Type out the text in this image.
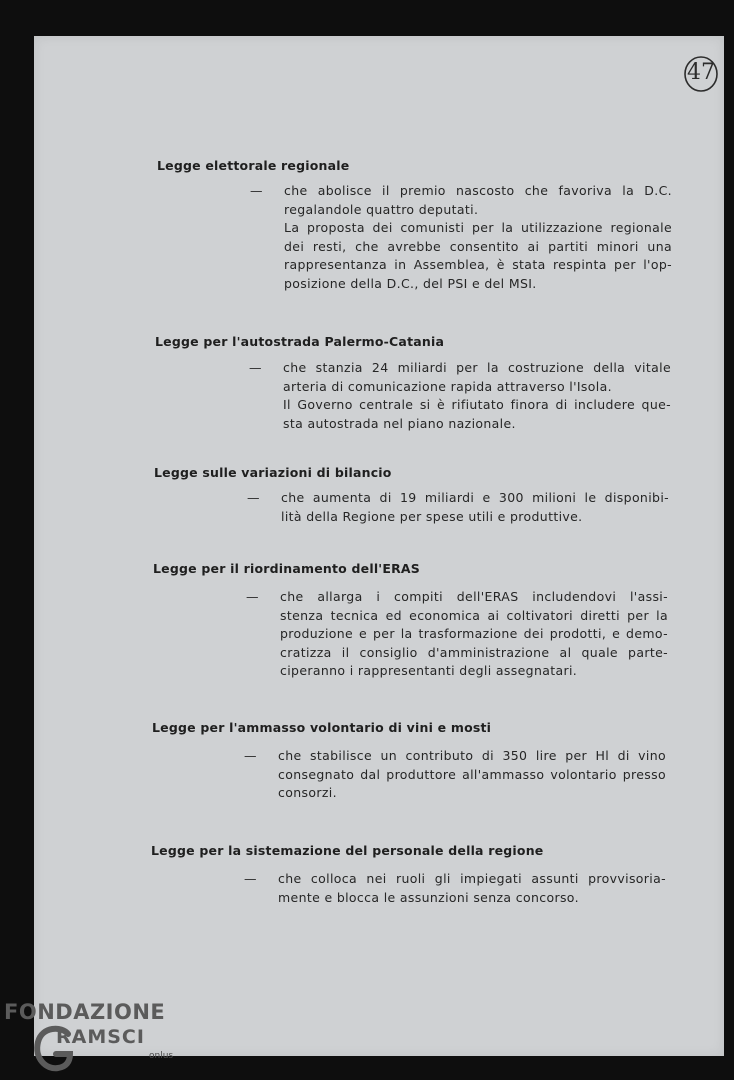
47
Legge elettorale regionale
— che abolisce il premio nascosto che favoriva la D.C.

regalandole quattro deputati.

La proposta dei comunisti per la utilizzazione regionale

dei resti, che avrebbe consentito ai partiti minori una

rappresentanza in Assemblea, è stata respinta per l'op-

posizione della D.C., del PSI e del MSI.

Legge per l'autostrada Palermo-Catania
— che stanzia 24 miliardi per la costruzione della vitale

arteria di comunicazione rapida attraverso l'Isola.

Il Governo centrale si è rifiutato finora di includere que-

sta autostrada nel piano nazionale.

Legge sulle variazioni di bilancio
— che aumenta di 19 miliardi e 300 milioni le disponibi-

lità della Regione per spese utili e produttive.

Legge per il riordinamento dell'ERAS
— che allarga i compiti dell'ERAS includendovi l'assi-

stenza tecnica ed economica ai coltivatori diretti per la

produzione e per la trasformazione dei prodotti, e demo-

cratizza il consiglio d'amministrazione al quale parte-

ciperanno i rappresentanti degli assegnatari.

Legge per l'ammasso volontario di vini e mosti
— che stabilisce un contributo di 350 lire per Hl di vino

consegnato dal produttore all'ammasso volontario presso

consorzi.

Legge per la sistemazione del personale della regione
— che colloca nei ruoli gli impiegati assunti provvisoria-

mente e blocca le assunzioni senza concorso.

FONDAZIONE
RAMSCI
onlus
